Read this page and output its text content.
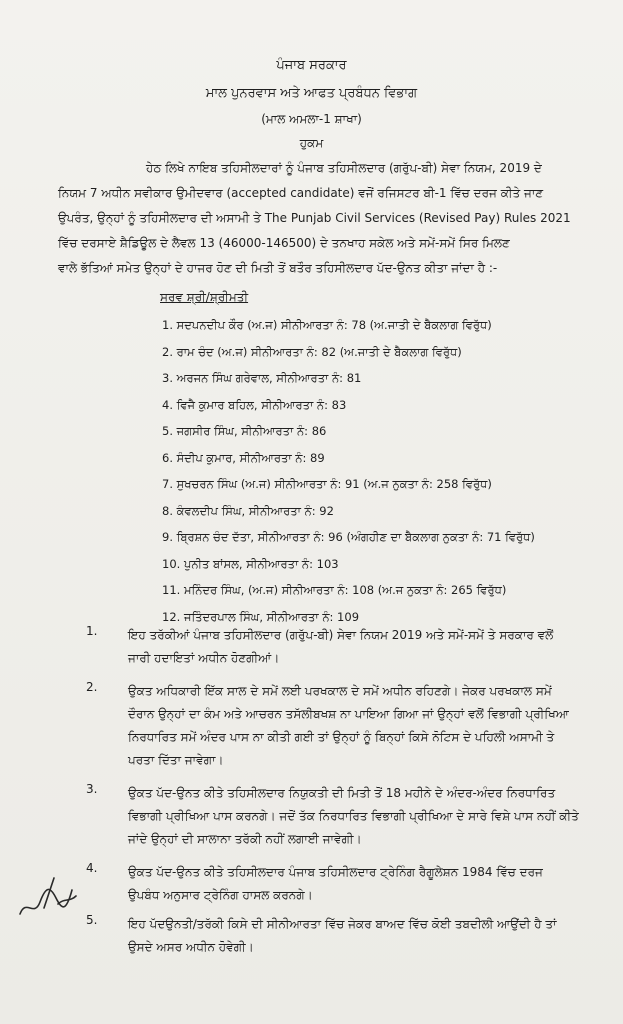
ਪੰਜਾਬ ਸਰਕਾਰ
ਮਾਲ ਪੁਨਰਵਾਸ ਅਤੇ ਆਫਤ ਪ੍ਰਬੰਧਨ ਵਿਭਾਗ
(ਮਾਲ ਅਮਲਾ-1 ਸ਼ਾਖਾ)
ਹੁਕਮ
ਹੇਠ ਲਿਖੇ ਨਾਇਬ ਤਹਿਸੀਲਦਾਰਾਂ ਨੂੰ ਪੰਜਾਬ ਤਹਿਸੀਲਦਾਰ (ਗਰੁੱਪ-ਬੀ) ਸੇਵਾ ਨਿਯਮ, 2019 ਦੇ
ਨਿਯਮ 7 ਅਧੀਨ ਸਵੀਕਾਰ ਉਮੀਦਵਾਰ (accepted candidate) ਵਜੋਂ ਰਜਿਸਟਰ ਬੀ-1 ਵਿੱਚ ਦਰਜ ਕੀਤੇ ਜਾਣ
ਉਪਰੰਤ, ਉਨ੍ਹਾਂ ਨੂੰ ਤਹਿਸੀਲਦਾਰ ਦੀ ਅਸਾਮੀ ਤੇ The Punjab Civil Services (Revised Pay) Rules 2021
ਵਿੱਚ ਦਰਸਾਏ ਸ਼ੈਡਿਊਲ ਦੇ ਲੈਵਲ 13 (46000-146500) ਦੇ ਤਨਖਾਹ ਸਕੇਲ ਅਤੇ ਸਮੇਂ-ਸਮੇਂ ਸਿਰ ਮਿਲਣ
ਵਾਲੇ ਭੱਤਿਆਂ ਸਮੇਤ ਉਨ੍ਹਾਂ ਦੇ ਹਾਜਰ ਹੋਣ ਦੀ ਮਿਤੀ ਤੋਂ ਬਤੌਰ ਤਹਿਸੀਲਦਾਰ ਪੱਦ-ਉਨਤ ਕੀਤਾ ਜਾਂਦਾ ਹੈ :-
ਸਰਵ ਸ਼੍ਰੀ/ਸ਼੍ਰੀਮਤੀ
1. ਸਦਪਨਦੀਪ ਕੌਰ (ਅ.ਜ) ਸੀਨੀਆਰਤਾ ਨੰ: 78 (ਅ.ਜਾਤੀ ਦੇ ਬੈਕਲਾਗ ਵਿਰੁੱਧ)
2. ਰਾਮ ਚੰਦ (ਅ.ਜ) ਸੀਨੀਆਰਤਾ ਨੰ: 82 (ਅ.ਜਾਤੀ ਦੇ ਬੈਕਲਾਗ ਵਿਰੁੱਧ)
3. ਅਰਜਨ ਸਿੰਘ ਗਰੇਵਾਲ, ਸੀਨੀਆਰਤਾ ਨੰ: 81
4. ਵਿਜੈ ਕੁਮਾਰ ਬਹਿਲ, ਸੀਨੀਆਰਤਾ ਨੰ: 83
5. ਜਗਸੀਰ ਸਿੰਘ, ਸੀਨੀਆਰਤਾ ਨੰ: 86
6. ਸੰਦੀਪ ਕੁਮਾਰ, ਸੀਨੀਆਰਤਾ ਨੰ: 89
7. ਸੁਖਚਰਨ ਸਿੰਘ (ਅ.ਜ) ਸੀਨੀਆਰਤਾ ਨੰ: 91 (ਅ.ਜ ਨੁਕਤਾ ਨੰ: 258 ਵਿਰੁੱਧ)
8. ਕੰਵਲਦੀਪ ਸਿੰਘ, ਸੀਨੀਆਰਤਾ ਨੰ: 92
9. ਬ੍ਰਿਸ਼ਨ ਚੰਦ ਦੱਤਾ, ਸੀਨੀਆਰਤਾ ਨੰ: 96 (ਅੰਗਹੀਣ ਦਾ ਬੈਕਲਾਗ ਨੁਕਤਾ ਨੰ: 71 ਵਿਰੁੱਧ)
10. ਪੁਨੀਤ ਬਾਂਸਲ, ਸੀਨੀਆਰਤਾ ਨੰ: 103
11. ਮਨਿੰਦਰ ਸਿੰਘ, (ਅ.ਜ) ਸੀਨੀਆਰਤਾ ਨੰ: 108 (ਅ.ਜ ਨੁਕਤਾ ਨੰ: 265 ਵਿਰੁੱਧ)
12. ਜਤਿੰਦਰਪਾਲ ਸਿੰਘ, ਸੀਨੀਆਰਤਾ ਨੰ: 109
1.	ਇਹ ਤਰੱਕੀਆਂ ਪੰਜਾਬ ਤਹਿਸੀਲਦਾਰ (ਗਰੁੱਪ-ਬੀ) ਸੇਵਾ ਨਿਯਮ 2019 ਅਤੇ ਸਮੇਂ-ਸਮੇਂ ਤੇ ਸਰਕਾਰ ਵਲੋਂ
ਜਾਰੀ ਹਦਾਇਤਾਂ ਅਧੀਨ ਹੋਣਗੀਆਂ।
2.	ਉਕਤ ਅਧਿਕਾਰੀ ਇੱਕ ਸਾਲ ਦੇ ਸਮੇਂ ਲਈ ਪਰਖਕਾਲ ਦੇ ਸਮੇਂ ਅਧੀਨ ਰਹਿਣਗੇ। ਜੇਕਰ ਪਰਖਕਾਲ ਸਮੇਂ
ਦੌਰਾਨ ਉਨ੍ਹਾਂ ਦਾ ਕੰਮ ਅਤੇ ਆਚਰਨ ਤਸੱਲੀਬਖਸ਼ ਨਾ ਪਾਇਆ ਗਿਆ ਜਾਂ ਉਨ੍ਹਾਂ ਵਲੋਂ ਵਿਭਾਗੀ ਪ੍ਰੀਖਿਆ
ਨਿਰਧਾਰਿਤ ਸਮੇਂ ਅੰਦਰ ਪਾਸ ਨਾ ਕੀਤੀ ਗਈ ਤਾਂ ਉਨ੍ਹਾਂ ਨੂੰ ਬਿਨ੍ਹਾਂ ਕਿਸੇ ਨੋਟਿਸ ਦੇ ਪਹਿਲੀ ਅਸਾਮੀ ਤੇ
ਪਰਤਾ ਦਿੱਤਾ ਜਾਵੇਗਾ।
3.	ਉਕਤ ਪੱਦ-ਉਨਤ ਕੀਤੇ ਤਹਿਸੀਲਦਾਰ ਨਿਯੁਕਤੀ ਦੀ ਮਿਤੀ ਤੋਂ 18 ਮਹੀਨੇ ਦੇ ਅੰਦਰ-ਅੰਦਰ ਨਿਰਧਾਰਿਤ
ਵਿਭਾਗੀ ਪ੍ਰੀਖਿਆ ਪਾਸ ਕਰਨਗੇ। ਜਦੋਂ ਤੱਕ ਨਿਰਧਾਰਿਤ ਵਿਭਾਗੀ ਪ੍ਰੀਖਿਆ ਦੇ ਸਾਰੇ ਵਿਸ਼ੇ ਪਾਸ ਨਹੀਂ ਕੀਤੇ
ਜਾਂਦੇ ਉਨ੍ਹਾਂ ਦੀ ਸਾਲਾਨਾ ਤਰੱਕੀ ਨਹੀਂ ਲਗਾਈ ਜਾਵੇਗੀ।
4.	ਉਕਤ ਪੱਦ-ਉਨਤ ਕੀਤੇ ਤਹਿਸੀਲਦਾਰ ਪੰਜਾਬ ਤਹਿਸੀਲਦਾਰ ਟ੍ਰੇਨਿੰਗ ਰੈਗੂਲੇਸ਼ਨ 1984 ਵਿੱਚ ਦਰਜ
ਉਪਬੰਧ ਅਨੁਸਾਰ ਟ੍ਰੇਨਿੰਗ ਹਾਸਲ ਕਰਨਗੇ।
5.	ਇਹ ਪੱਦਉਨਤੀ/ਤਰੱਕੀ ਕਿਸੇ ਦੀ ਸੀਨੀਆਰਤਾ ਵਿੱਚ ਜੇਕਰ ਬਾਅਦ ਵਿੱਚ ਕੋਈ ਤਬਦੀਲੀ ਆਉਂਦੀ ਹੈ ਤਾਂ
ਉਸਦੇ ਅਸਰ ਅਧੀਨ ਹੋਵੇਗੀ।
